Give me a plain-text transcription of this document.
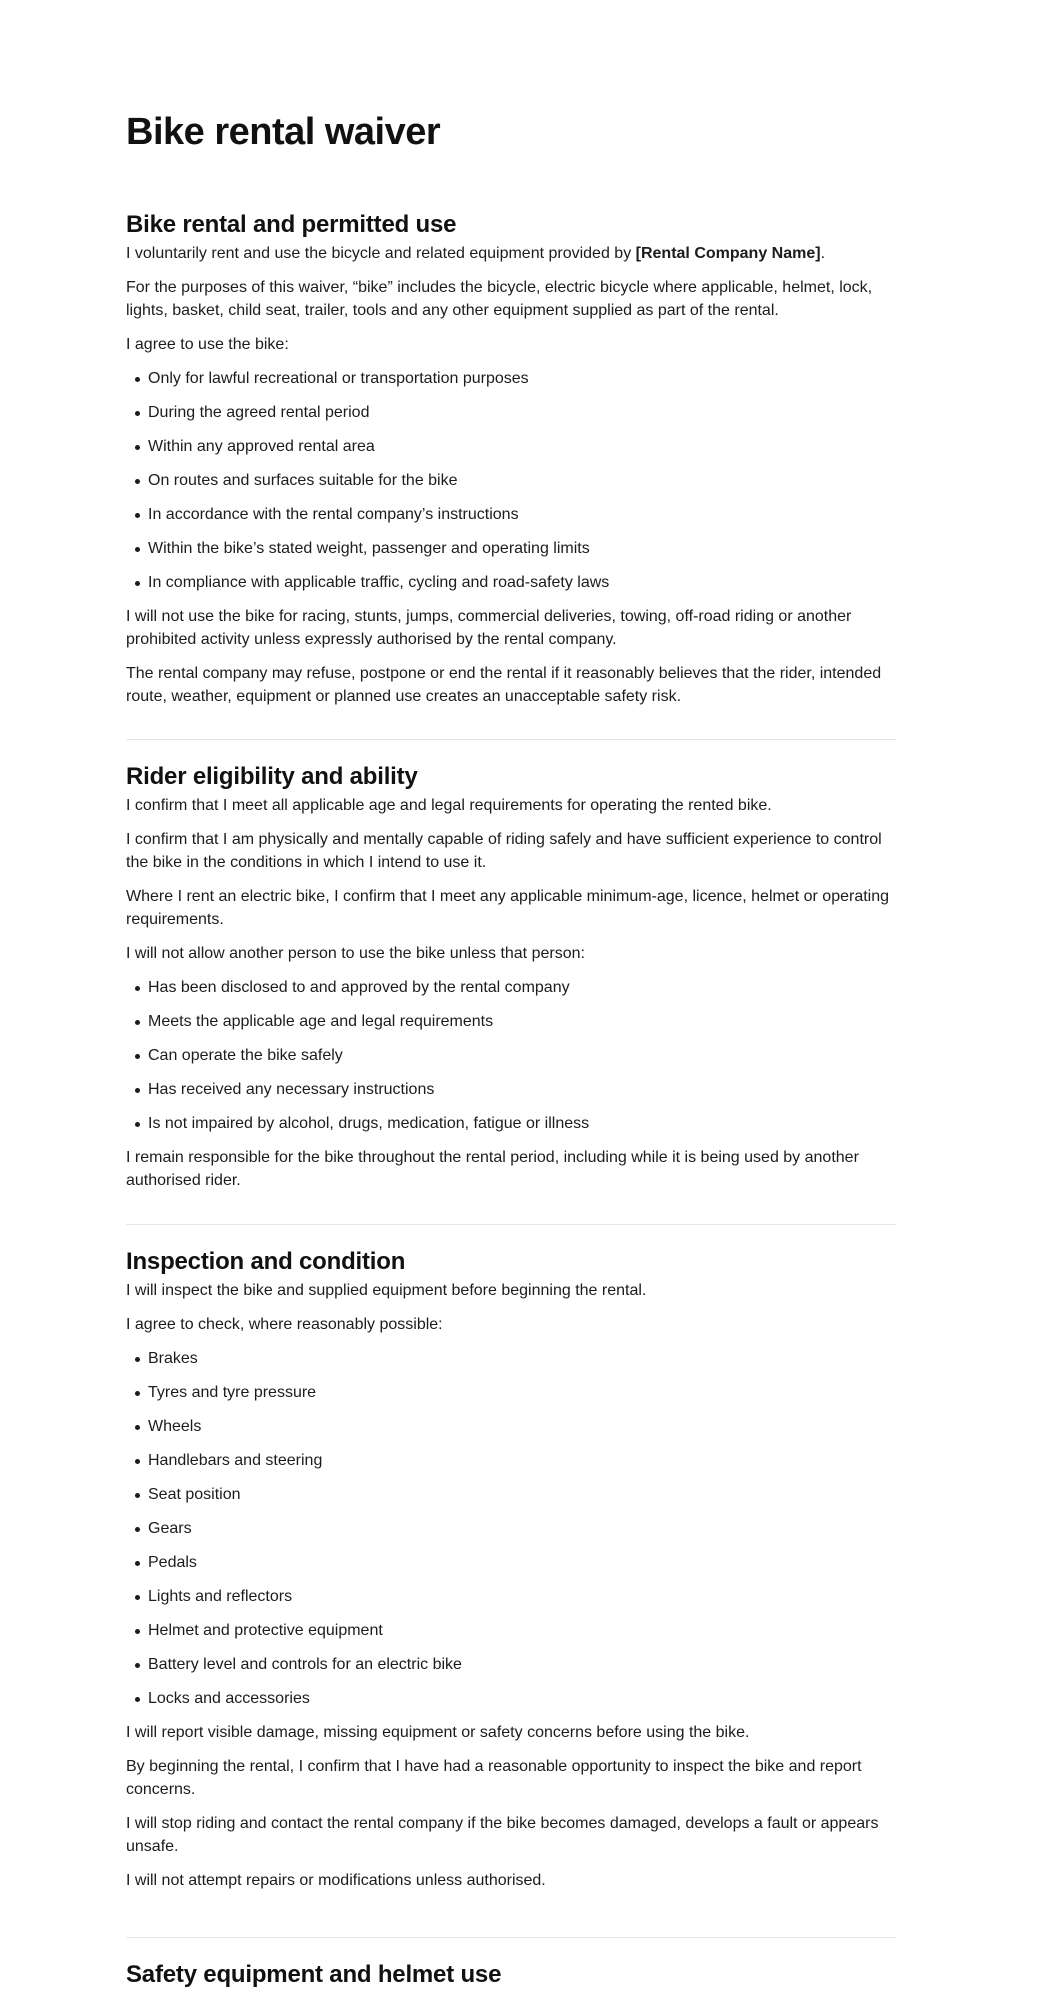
Bike rental waiver
Bike rental and permitted use

I voluntarily rent and use the bicycle and related equipment provided by [Rental Company Name].

For the purposes of this waiver, “bike” includes the bicycle, electric bicycle where applicable, helmet, lock, lights, basket, child seat, trailer, tools and any other equipment supplied as part of the rental.

I agree to use the bike:

Only for lawful recreational or transportation purposes
During the agreed rental period
Within any approved rental area
On routes and surfaces suitable for the bike
In accordance with the rental company’s instructions
Within the bike’s stated weight, passenger and operating limits
In compliance with applicable traffic, cycling and road-safety laws

I will not use the bike for racing, stunts, jumps, commercial deliveries, towing, off-road riding or another prohibited activity unless expressly authorised by the rental company.

The rental company may refuse, postpone or end the rental if it reasonably believes that the rider, intended route, weather, equipment or planned use creates an unacceptable safety risk.

Rider eligibility and ability

I confirm that I meet all applicable age and legal requirements for operating the rented bike.

I confirm that I am physically and mentally capable of riding safely and have sufficient experience to control the bike in the conditions in which I intend to use it.

Where I rent an electric bike, I confirm that I meet any applicable minimum-age, licence, helmet or operating requirements.

I will not allow another person to use the bike unless that person:

Has been disclosed to and approved by the rental company
Meets the applicable age and legal requirements
Can operate the bike safely
Has received any necessary instructions
Is not impaired by alcohol, drugs, medication, fatigue or illness

I remain responsible for the bike throughout the rental period, including while it is being used by another authorised rider.

Inspection and condition

I will inspect the bike and supplied equipment before beginning the rental.

I agree to check, where reasonably possible:

Brakes
Tyres and tyre pressure
Wheels
Handlebars and steering
Seat position
Gears
Pedals
Lights and reflectors
Helmet and protective equipment
Battery level and controls for an electric bike
Locks and accessories

I will report visible damage, missing equipment or safety concerns before using the bike.

By beginning the rental, I confirm that I have had a reasonable opportunity to inspect the bike and report concerns.

I will stop riding and contact the rental company if the bike becomes damaged, develops a fault or appears unsafe.

I will not attempt repairs or modifications unless authorised.

Safety equipment and helmet use
